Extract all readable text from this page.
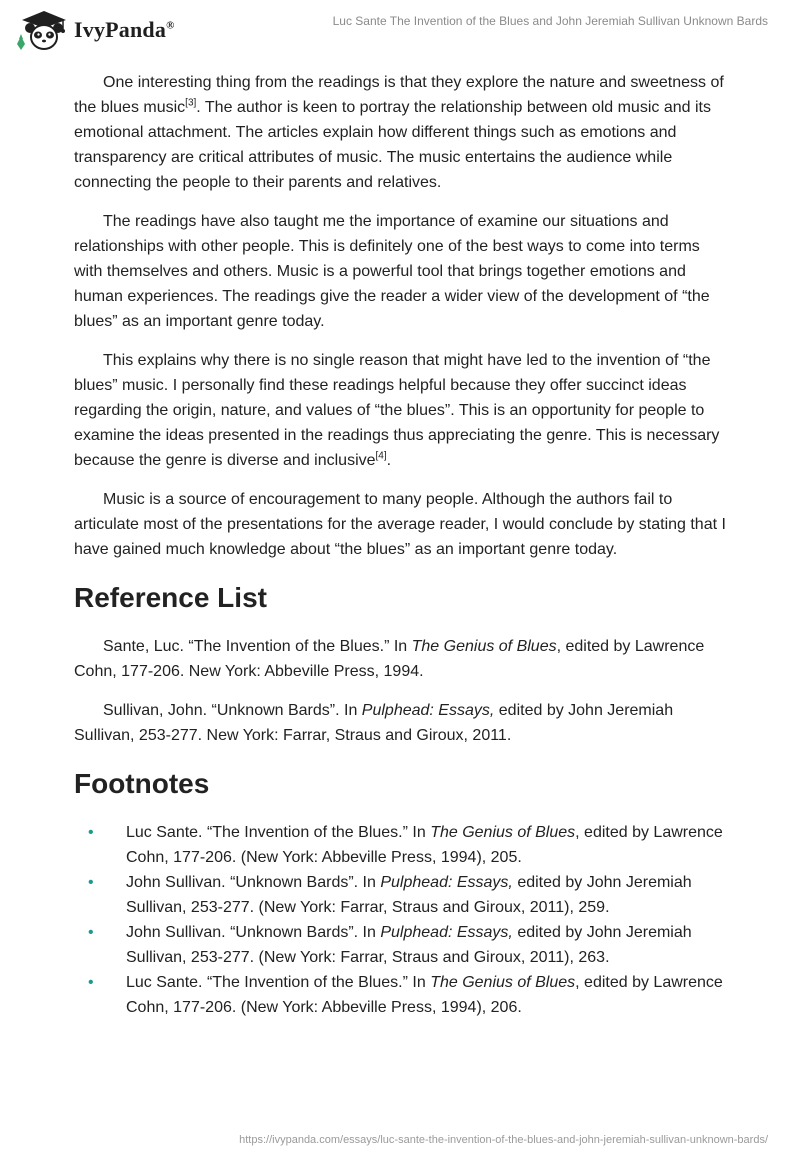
IvyPanda®	Luc Sante The Invention of the Blues and John Jeremiah Sullivan Unknown Bards

One interesting thing from the readings is that they explore the nature and sweetness of the blues music[3]. The author is keen to portray the relationship between old music and its emotional attachment. The articles explain how different things such as emotions and transparency are critical attributes of music. The music entertains the audience while connecting the people to their parents and relatives.

The readings have also taught me the importance of examine our situations and relationships with other people. This is definitely one of the best ways to come into terms with themselves and others. Music is a powerful tool that brings together emotions and human experiences. The readings give the reader a wider view of the development of “the blues” as an important genre today.

This explains why there is no single reason that might have led to the invention of “the blues” music. I personally find these readings helpful because they offer succinct ideas regarding the origin, nature, and values of “the blues”. This is an opportunity for people to examine the ideas presented in the readings thus appreciating the genre. This is necessary because the genre is diverse and inclusive[4].

Music is a source of encouragement to many people. Although the authors fail to articulate most of the presentations for the average reader, I would conclude by stating that I have gained much knowledge about “the blues” as an important genre today.

Reference List

Sante, Luc. “The Invention of the Blues.” In The Genius of Blues, edited by Lawrence Cohn, 177-206. New York: Abbeville Press, 1994.

Sullivan, John. “Unknown Bards”. In Pulphead: Essays, edited by John Jeremiah Sullivan, 253-277. New York: Farrar, Straus and Giroux, 2011.

Footnotes
• Luc Sante. “The Invention of the Blues.” In The Genius of Blues, edited by Lawrence Cohn, 177-206. (New York: Abbeville Press, 1994), 205.
• John Sullivan. “Unknown Bards”. In Pulphead: Essays, edited by John Jeremiah Sullivan, 253-277. (New York: Farrar, Straus and Giroux, 2011), 259.
• John Sullivan. “Unknown Bards”. In Pulphead: Essays, edited by John Jeremiah Sullivan, 253-277. (New York: Farrar, Straus and Giroux, 2011), 263.
• Luc Sante. “The Invention of the Blues.” In The Genius of Blues, edited by Lawrence Cohn, 177-206. (New York: Abbeville Press, 1994), 206.
https://ivypanda.com/essays/luc-sante-the-invention-of-the-blues-and-john-jeremiah-sullivan-unknown-bards/
